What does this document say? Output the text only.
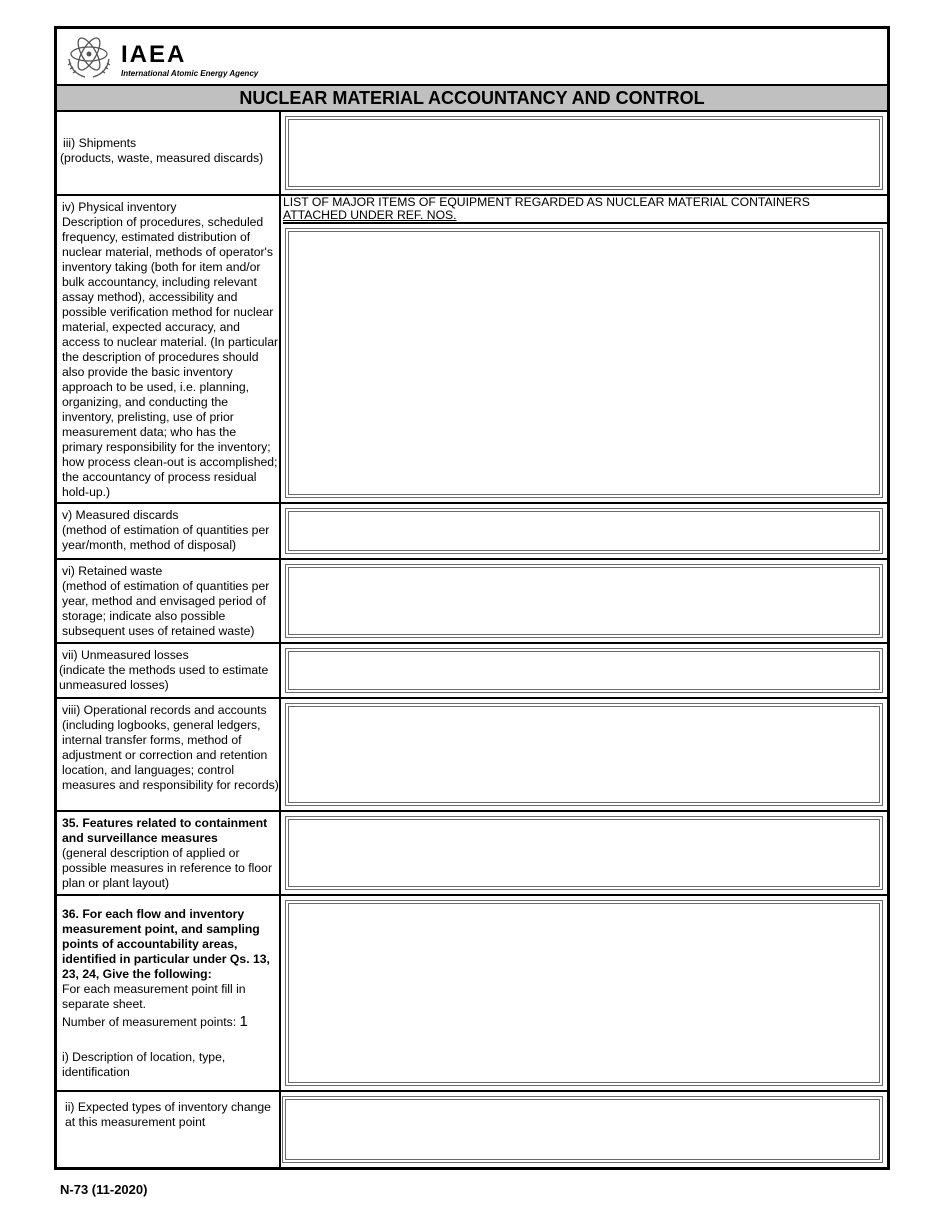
IAEA
International Atomic Energy Agency
NUCLEAR MATERIAL ACCOUNTANCY AND CONTROL

iii) Shipments

(products, waste, measured discards)

iv) Physical inventory

Description of procedures, scheduled frequency, estimated distribution of nuclear material, methods of operator's inventory taking (both for item and/or bulk accountancy, including relevant assay method), accessibility and possible verification method for nuclear material, expected accuracy, and access to nuclear material. (In particular the description of procedures should also provide the basic inventory approach to be used, i.e. planning, organizing, and conducting the inventory, prelisting, use of prior measurement data; who has the primary responsibility for the inventory; how process clean-out is accomplished; the accountancy of process residual hold-up.)

LIST OF MAJOR ITEMS OF EQUIPMENT REGARDED AS NUCLEAR MATERIAL CONTAINERS
ATTACHED UNDER REF. NOS.

v) Measured discards

(method of estimation of quantities per year/month, method of disposal)

vi) Retained waste

(method of estimation of quantities per year, method and envisaged period of storage; indicate also possible subsequent uses of retained waste)

vii) Unmeasured losses

(indicate the methods used to estimate unmeasured losses)

viii) Operational records and accounts

(including logbooks, general ledgers, internal transfer forms, method of adjustment or correction and retention location, and languages; control measures and responsibility for records)

35. Features related to containment and surveillance measures

(general description of applied or possible measures in reference to floor plan or plant layout)

36. For each flow and inventory measurement point, and sampling points of accountability areas, identified in particular under Qs. 13, 23, 24, Give the following:

For each measurement point fill in separate sheet.

Number of measurement points: 1

i) Description of location, type, identification

ii) Expected types of inventory change at this measurement point

N-73 (11-2020)
